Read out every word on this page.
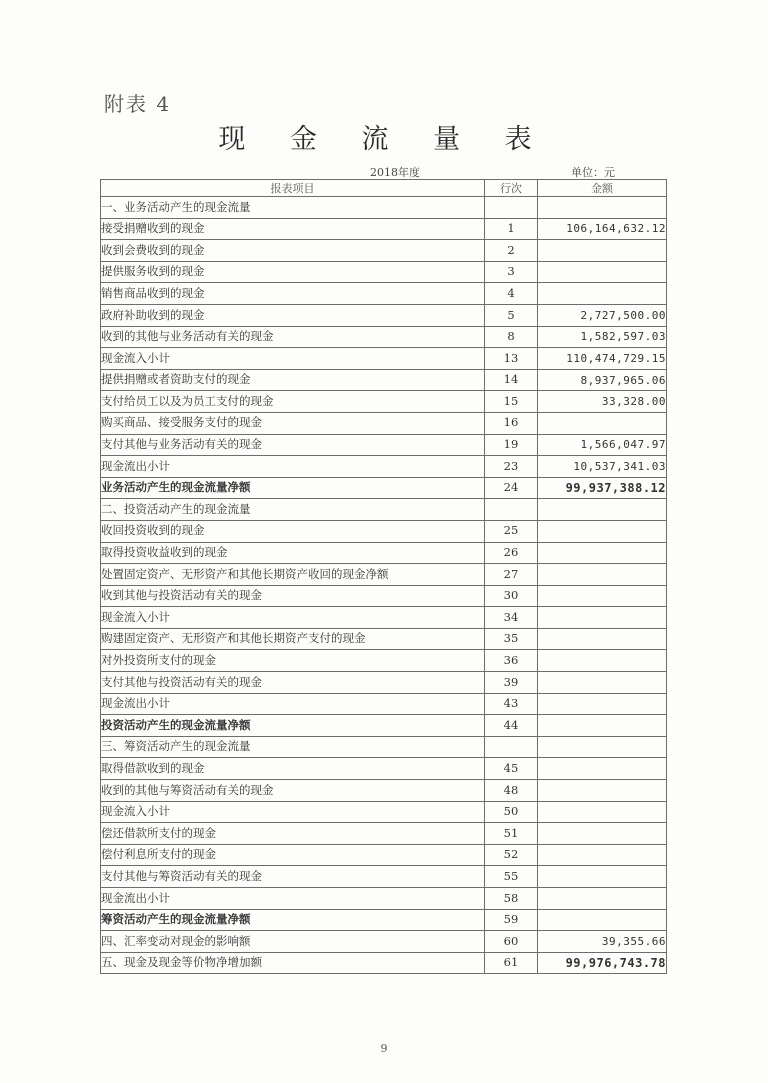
附表 4
现 金 流 量 表
2018年度	单位：元
报表项目	行次	金额
一、业务活动产生的现金流量		
接受捐赠收到的现金	1	106,164,632.12
收到会费收到的现金	2	
提供服务收到的现金	3	
销售商品收到的现金	4	
政府补助收到的现金	5	2,727,500.00
收到的其他与业务活动有关的现金	8	1,582,597.03
现金流入小计	13	110,474,729.15
提供捐赠或者资助支付的现金	14	8,937,965.06
支付给员工以及为员工支付的现金	15	33,328.00
购买商品、接受服务支付的现金	16	
支付其他与业务活动有关的现金	19	1,566,047.97
现金流出小计	23	10,537,341.03
业务活动产生的现金流量净额	24	99,937,388.12
二、投资活动产生的现金流量		
收回投资收到的现金	25	
取得投资收益收到的现金	26	
处置固定资产、无形资产和其他长期资产收回的现金净额	27	
收到其他与投资活动有关的现金	30	
现金流入小计	34	
购建固定资产、无形资产和其他长期资产支付的现金	35	
对外投资所支付的现金	36	
支付其他与投资活动有关的现金	39	
现金流出小计	43	
投资活动产生的现金流量净额	44	
三、筹资活动产生的现金流量		
取得借款收到的现金	45	
收到的其他与筹资活动有关的现金	48	
现金流入小计	50	
偿还借款所支付的现金	51	
偿付利息所支付的现金	52	
支付其他与筹资活动有关的现金	55	
现金流出小计	58	
筹资活动产生的现金流量净额	59	
四、汇率变动对现金的影响额	60	39,355.66
五、现金及现金等价物净增加额	61	99,976,743.78
9
